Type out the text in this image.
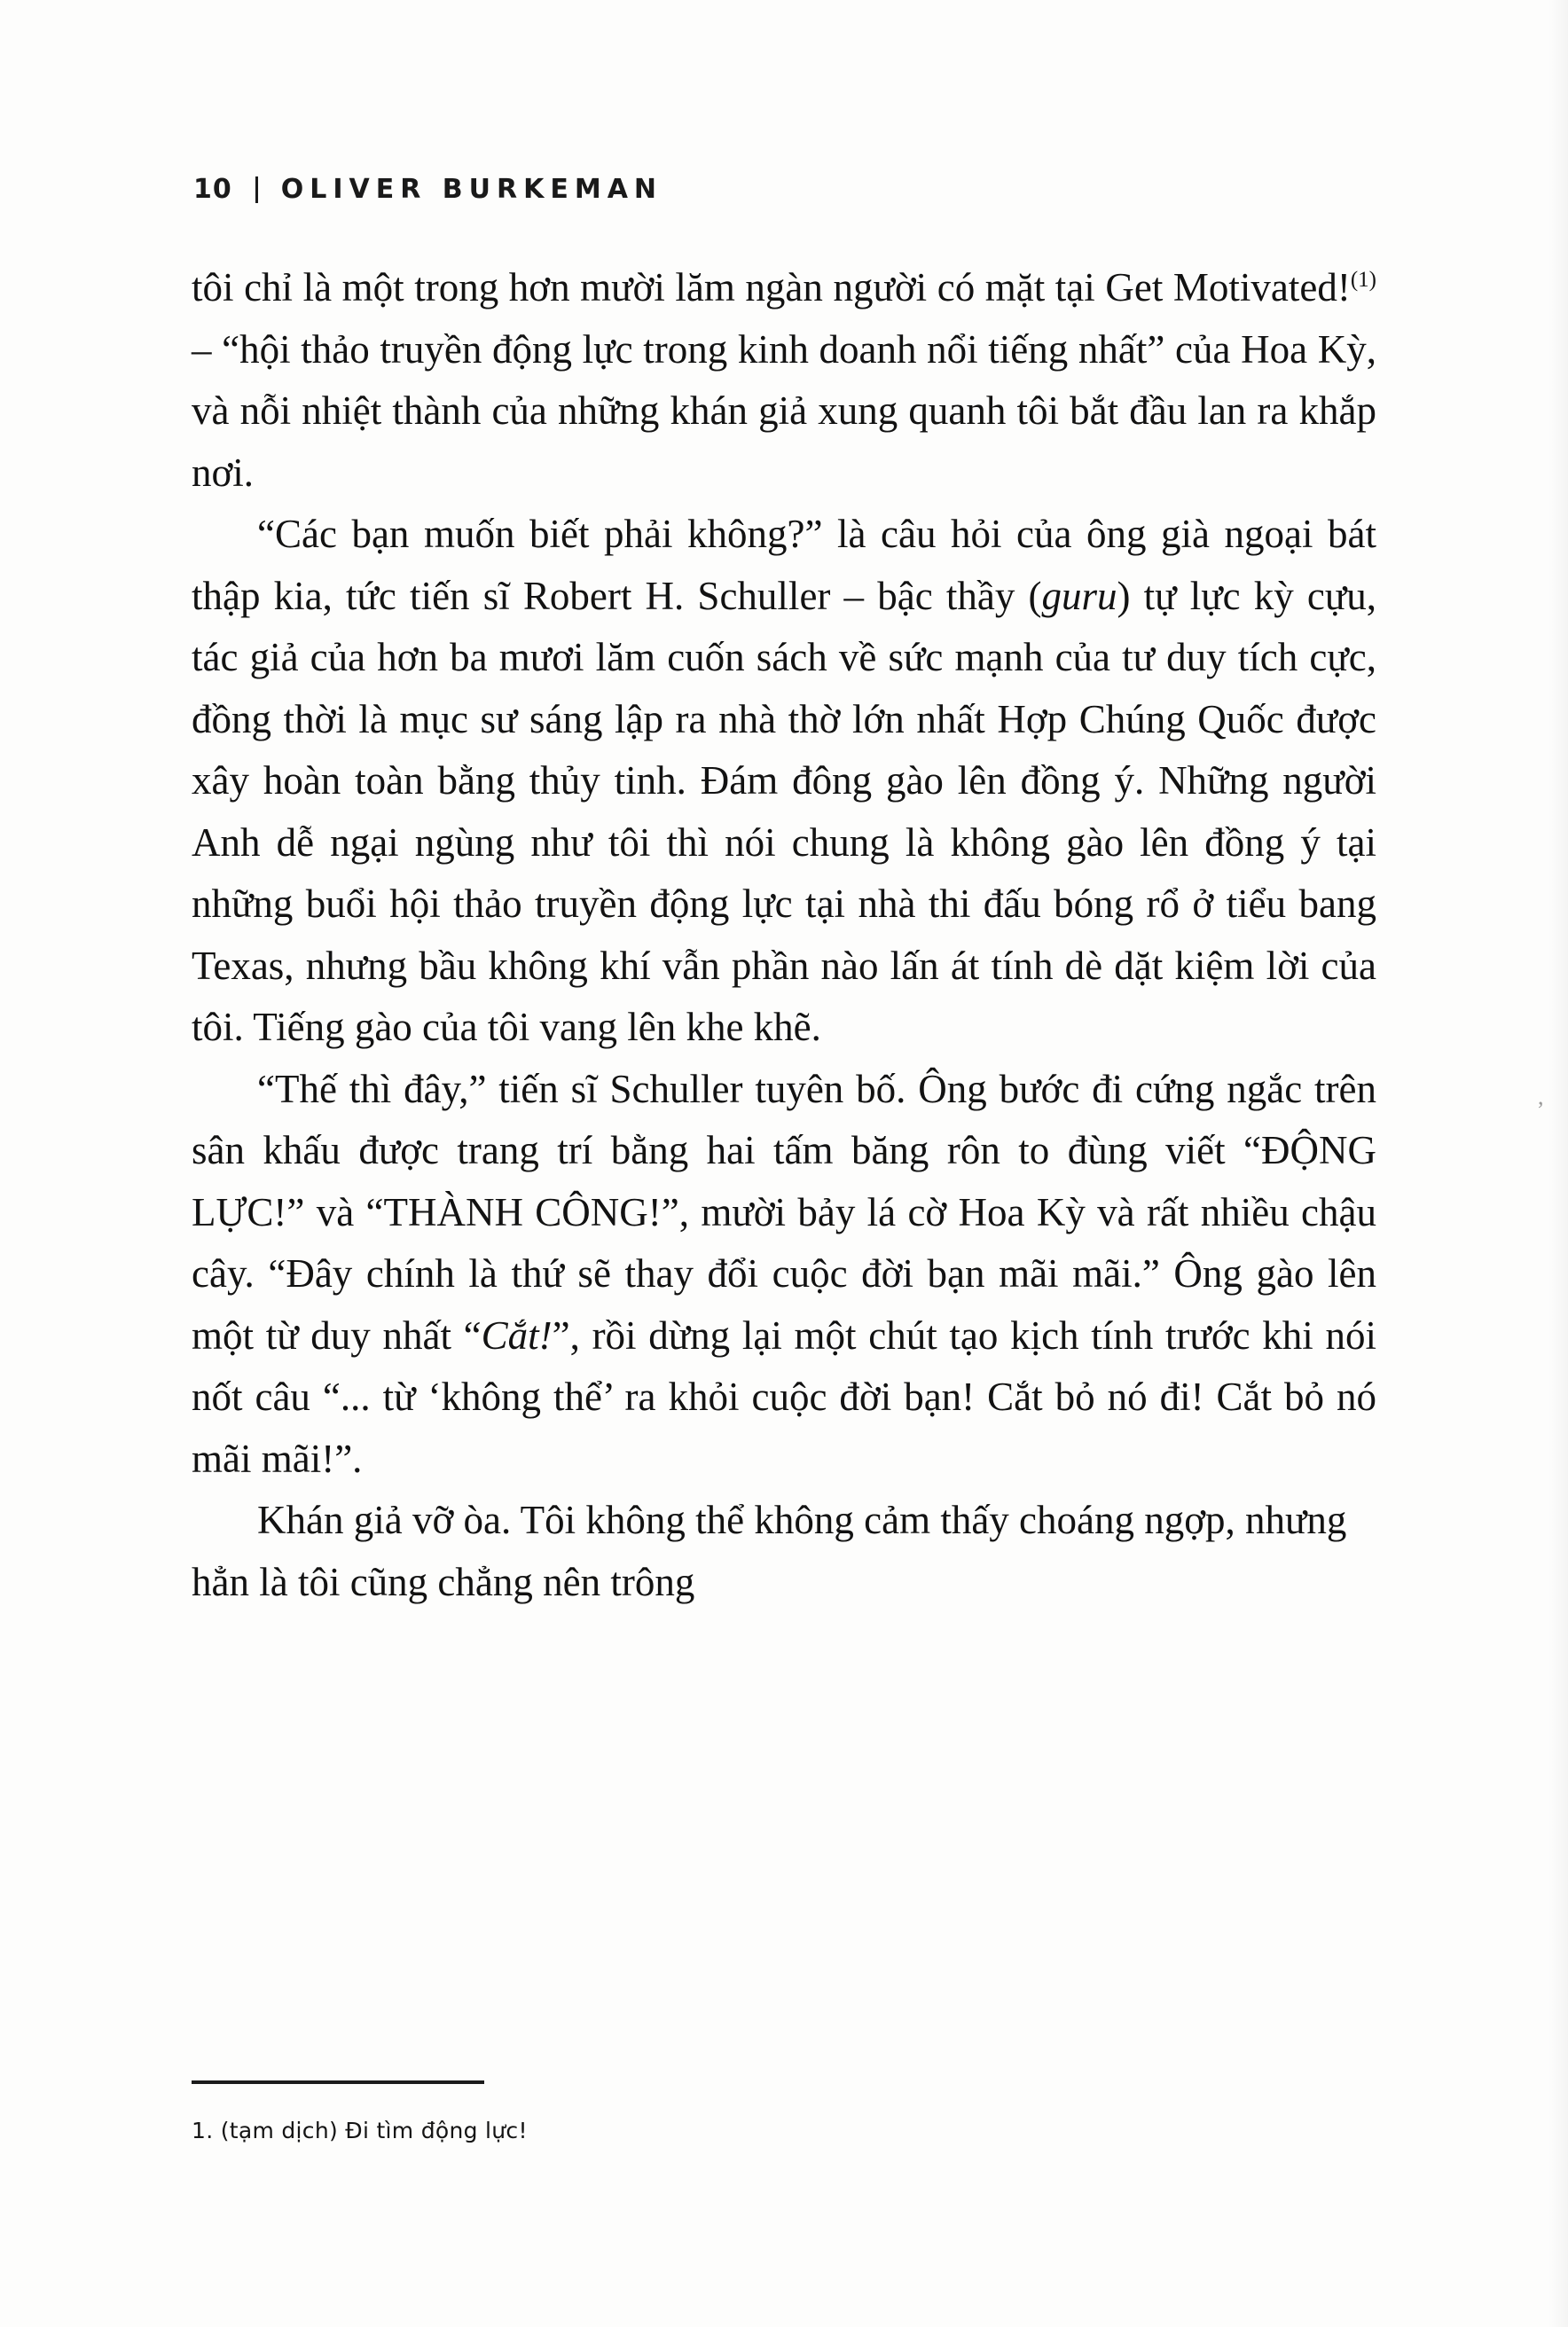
10 OLIVER BURKEMAN

tôi chỉ là một trong hơn mười lăm ngàn người có mặt tại Get Motivated!$^{(1)}$ – “hội thảo truyền động lực trong kinh doanh nổi tiếng nhất” của Hoa Kỳ, và nỗi nhiệt thành của những khán giả xung quanh tôi bắt đầu lan ra khắp nơi.

“Các bạn muốn biết phải không?” là câu hỏi của ông già ngoại bát thập kia, tức tiến sĩ Robert H. Schuller – bậc thầy (guru) tự lực kỳ cựu, tác giả của hơn ba mươi lăm cuốn sách về sức mạnh của tư duy tích cực, đồng thời là mục sư sáng lập ra nhà thờ lớn nhất Hợp Chúng Quốc được xây hoàn toàn bằng thủy tinh. Đám đông gào lên đồng ý. Những người Anh dễ ngại ngùng như tôi thì nói chung là không gào lên đồng ý tại những buổi hội thảo truyền động lực tại nhà thi đấu bóng rổ ở tiểu bang Texas, nhưng bầu không khí vẫn phần nào lấn át tính dè dặt kiệm lời của tôi. Tiếng gào của tôi vang lên khe khẽ.

“Thế thì đây,” tiến sĩ Schuller tuyên bố. Ông bước đi cứng ngắc trên sân khấu được trang trí bằng hai tấm băng rôn to đùng viết “ĐỘNG LỰC!” và “THÀNH CÔNG!”, mười bảy lá cờ Hoa Kỳ và rất nhiều chậu cây. “Đây chính là thứ sẽ thay đổi cuộc đời bạn mãi mãi.” Ông gào lên một từ duy nhất “Cắt!”, rồi dừng lại một chút tạo kịch tính trước khi nói nốt câu “... từ ‘không thể’ ra khỏi cuộc đời bạn! Cắt bỏ nó đi! Cắt bỏ nó mãi mãi!”.

Khán giả vỡ òa. Tôi không thể không cảm thấy choáng ngợp, nhưng hẳn là tôi cũng chẳng nên trông

1. (tạm dịch) Đi tìm động lực!
,
